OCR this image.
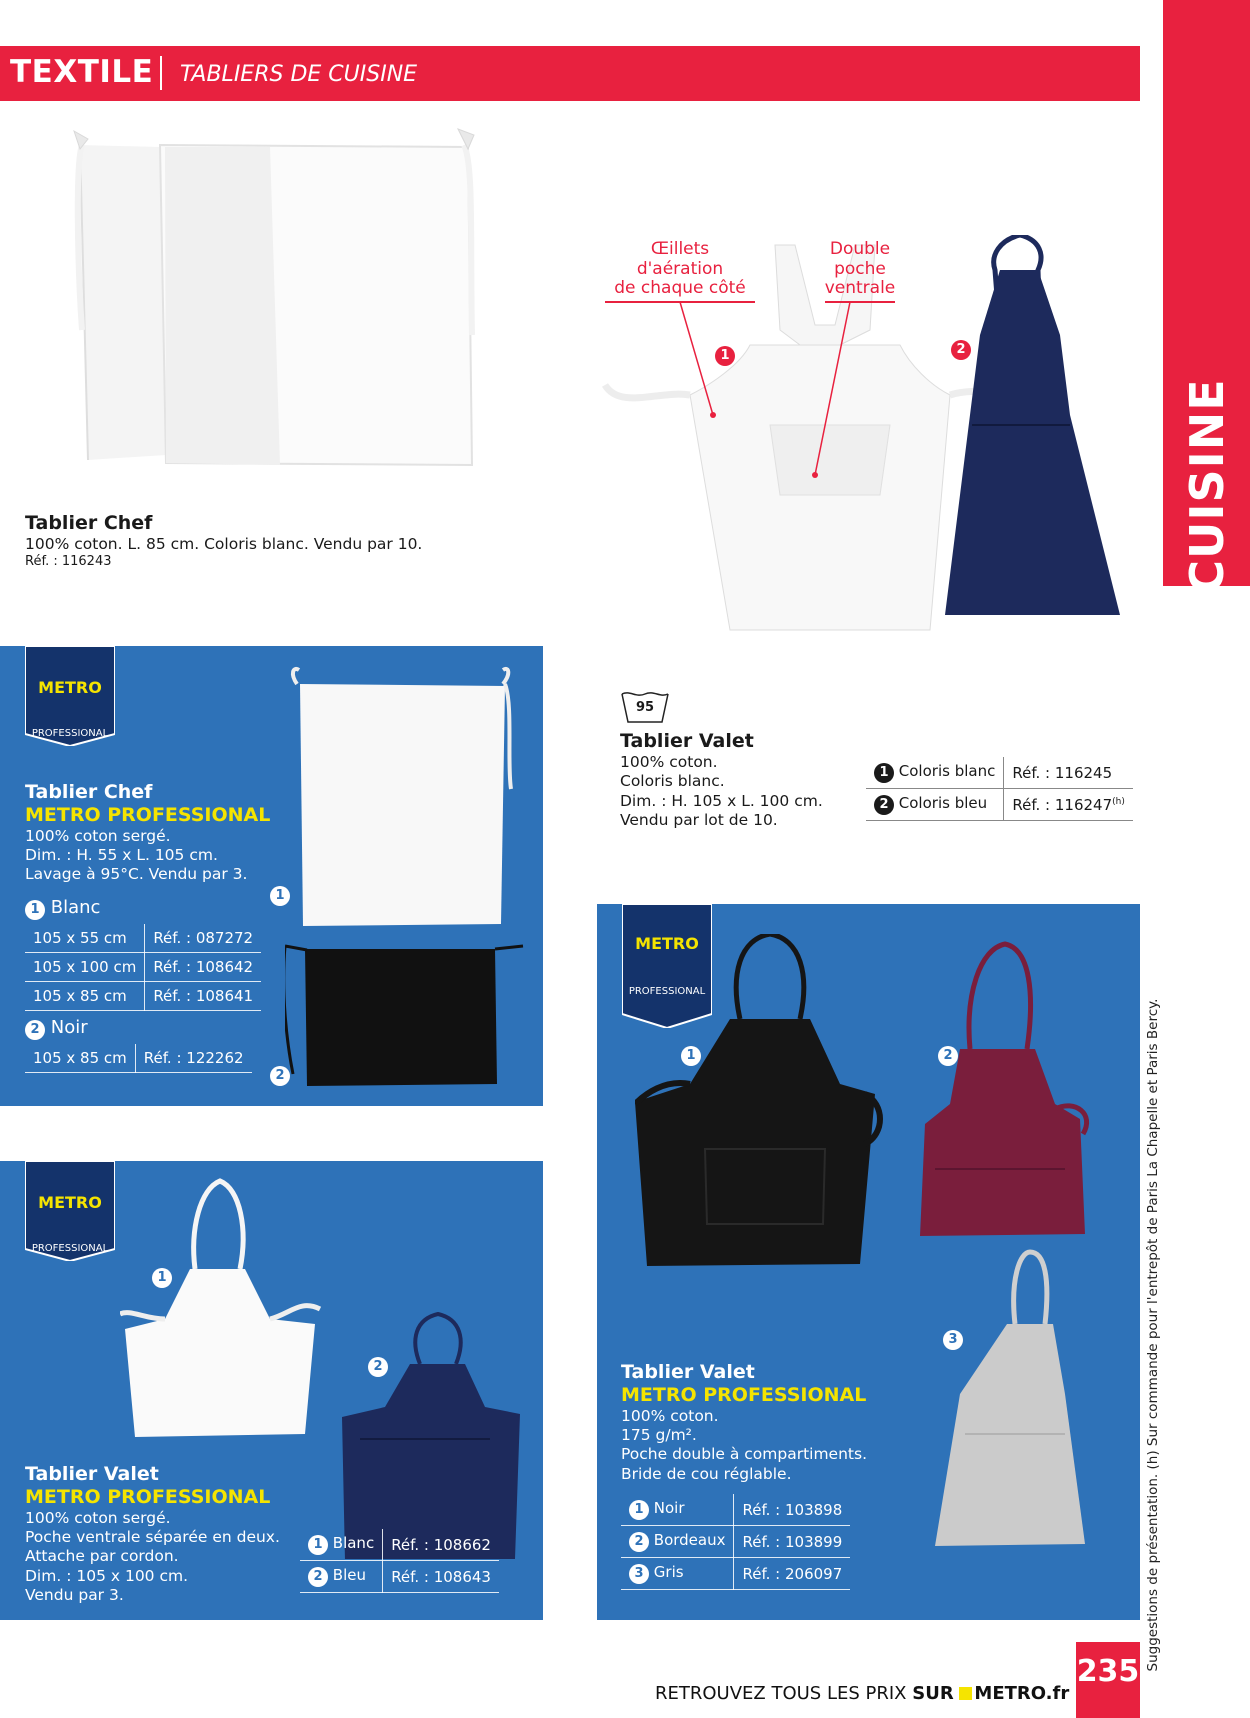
TEXTILE TABLIERS DE CUISINE
CUISINE
Suggestions de présentation. (h) Sur commande pour l'entrepôt de Paris La Chapelle et Paris Bercy.
Tablier Chef
100% coton. L. 85 cm. Coloris blanc. Vendu par 10.
Réf. : 116243
Œillets
d'aération
de chaque côté
Double
poche
ventrale
1	2
METRO
PROFESSIONAL
Tablier Chef
METRO PROFESSIONAL
100% coton sergé.
Dim. : H. 55 x L. 105 cm.
Lavage à 95°C. Vendu par 3.
1 Blanc
105 x 55 cm	Réf. : 087272
105 x 100 cm	Réf. : 108642
105 x 85 cm	Réf. : 108641
2 Noir
105 x 85 cm	Réf. : 122262
1
2
95
Tablier Valet
100% coton.
Coloris blanc.
Dim. : H. 105 x L. 100 cm.
Vendu par lot de 10.
1 Coloris blanc	Réf. : 116245
2 Coloris bleu	Réf. : 116247$^{(h)}$
METRO
PROFESSIONAL
1
2
Tablier Valet
METRO PROFESSIONAL
100% coton sergé.
Poche ventrale séparée en deux.
Attache par cordon.
Dim. : 105 x 100 cm.
Vendu par 3.
1 Blanc	Réf. : 108662
2 Bleu	Réf. : 108643
METRO
PROFESSIONAL
1	2
3
Tablier Valet
METRO PROFESSIONAL
100% coton.
175 g/m².
Poche double à compartiments.
Bride de cou réglable.
1 Noir	Réf. : 103898
2 Bordeaux	Réf. : 103899
3 Gris	Réf. : 206097
RETROUVEZ TOUS LES PRIX SUR METRO.fr
235
